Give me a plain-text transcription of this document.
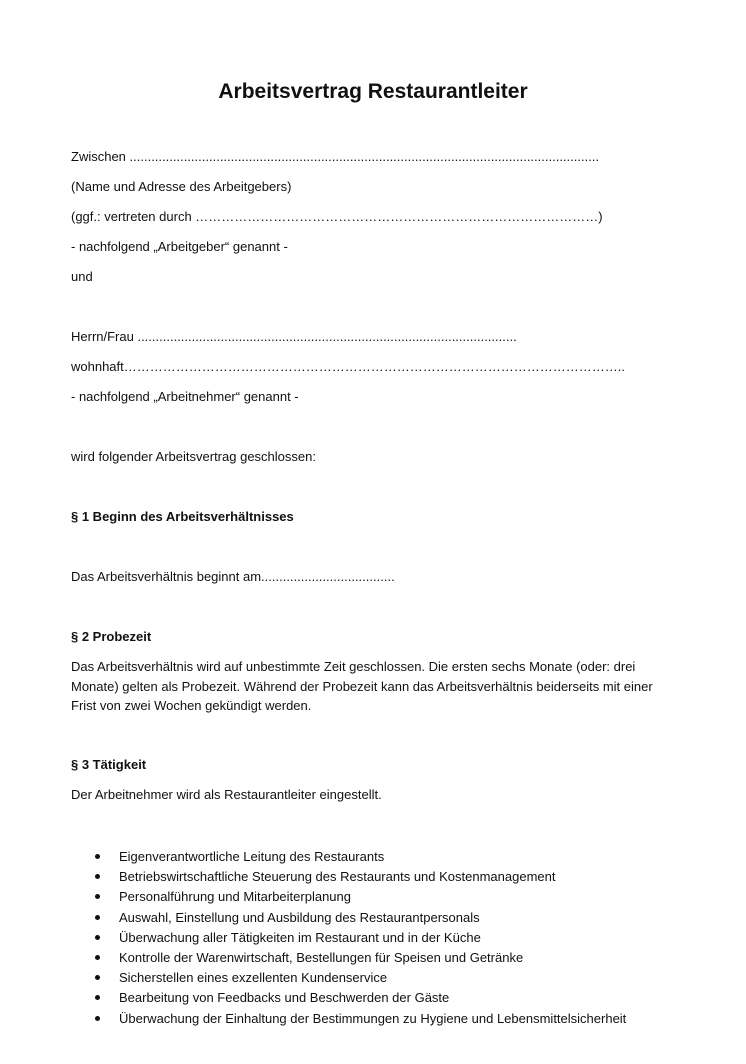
Arbeitsvertrag Restaurantleiter
Zwischen ..................................................................................................................................
(Name und Adresse des Arbeitgebers)
(ggf.: vertreten durch …………………………………………………………………………………)
- nachfolgend „Arbeitgeber“ genannt -
und
Herrn/Frau .........................................................................................................
wohnhaft……………………………………………………………………………………………………..
- nachfolgend „Arbeitnehmer“ genannt -
wird folgender Arbeitsvertrag geschlossen:
§ 1 Beginn des Arbeitsverhältnisses
Das Arbeitsverhältnis beginnt am.....................................
§ 2 Probezeit
Das Arbeitsverhältnis wird auf unbestimmte Zeit geschlossen. Die ersten sechs Monate (oder: drei Monate) gelten als Probezeit. Während der Probezeit kann das Arbeitsverhältnis beiderseits mit einer Frist von zwei Wochen gekündigt werden.
§ 3 Tätigkeit
Der Arbeitnehmer wird als Restaurantleiter eingestellt.
Eigenverantwortliche Leitung des Restaurants
Betriebswirtschaftliche Steuerung des Restaurants und Kostenmanagement
Personalführung und Mitarbeiterplanung
Auswahl, Einstellung und Ausbildung des Restaurantpersonals
Überwachung aller Tätigkeiten im Restaurant und in der Küche
Kontrolle der Warenwirtschaft, Bestellungen für Speisen und Getränke
Sicherstellen eines exzellenten Kundenservice
Bearbeitung von Feedbacks und Beschwerden der Gäste
Überwachung der Einhaltung der Bestimmungen zu Hygiene und Lebensmittelsicherheit
